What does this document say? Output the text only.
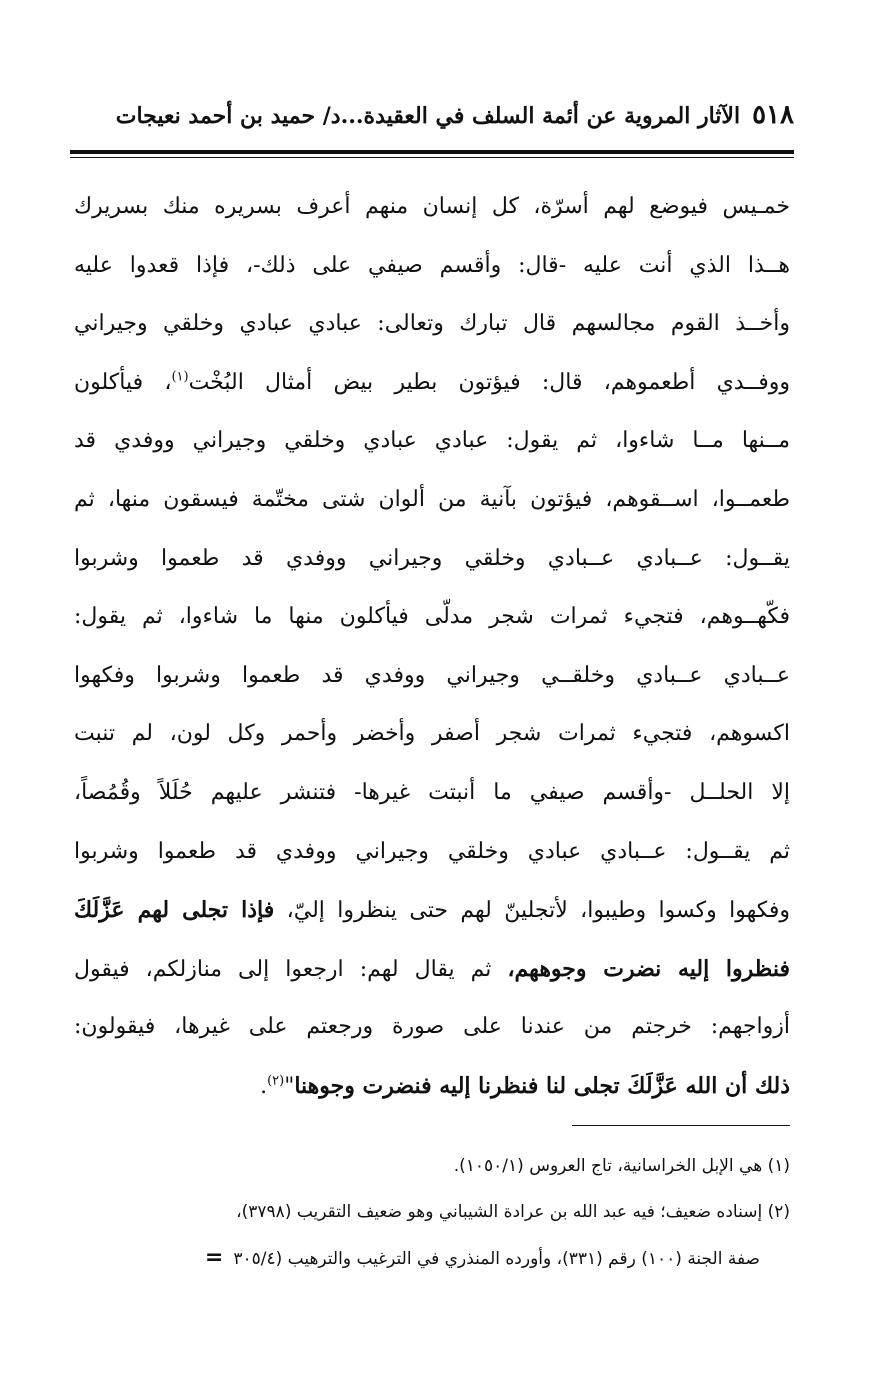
٥١٨
الآثار المروية عن أئمة السلف في العقيدة...د/ حميد بن أحمد نعيجات
خمـيس فيوضع لهم أسرّة، كل إنسان منهم أعرف بسريره منك بسريرك
هــذا الذي أنت عليه -قال: وأقسم صيفي على ذلك-، فإذا قعدوا عليه
وأخــذ القوم مجالسهم قال تبارك وتعالى: عبادي عبادي وخلقي وجيراني
ووفــدي أطعموهم، قال: فيؤتون بطير بيض أمثال البُخْت$^{(١)}$، فيأكلون
مــنها مــا شاءوا، ثم يقول: عبادي عبادي وخلقي وجيراني ووفدي قد
طعمــوا، اســقوهم، فيؤتون بآنية من ألوان شتى مختّمة فيسقون منها، ثم
يقــول: عــبادي عــبادي وخلقي وجيراني ووفدي قد طعموا وشربوا
فكّهــوهم، فتجيء ثمرات شجر مدلّى فيأكلون منها ما شاءوا، ثم يقول:
عــبادي عــبادي وخلقــي وجيراني ووفدي قد طعموا وشربوا وفكهوا
اكسوهم، فتجيء ثمرات شجر أصفر وأخضر وأحمر وكل لون، لم تنبت
إلا الحلــل -وأقسم صيفي ما أنبتت غيرها- فتنشر عليهم حُلَلاً وقُمُصاً،
ثم يقــول: عــبادي عبادي وخلقي وجيراني ووفدي قد طعموا وشربوا
وفكهوا وكسوا وطيبوا، لأتجلينّ لهم حتى ينظروا إليّ، فإذا تجلى لهم عَزَّلَكَ
فنظروا إليه نضرت وجوههم، ثم يقال لهم: ارجعوا إلى منازلكم، فيقول
أزواجهم: خرجتم من عندنا على صورة ورجعتم على غيرها، فيقولون:
ذلك أن الله عَزَّلَكَ تجلى لنا فنظرنا إليه فنضرت وجوهنا"$^{(٢)}$.
(١) هي الإبل الخراسانية، تاج العروس (١٠٥٠/١).
(٢) إسناده ضعيف؛ فيه عبد الله بن عرادة الشيباني وهو ضعيف التقريب (٣٧٩٨)،
صفة الجنة (١٠٠) رقم (٣٣١)، وأورده المنذري في الترغيب والترهيب (٣٠٥/٤=
